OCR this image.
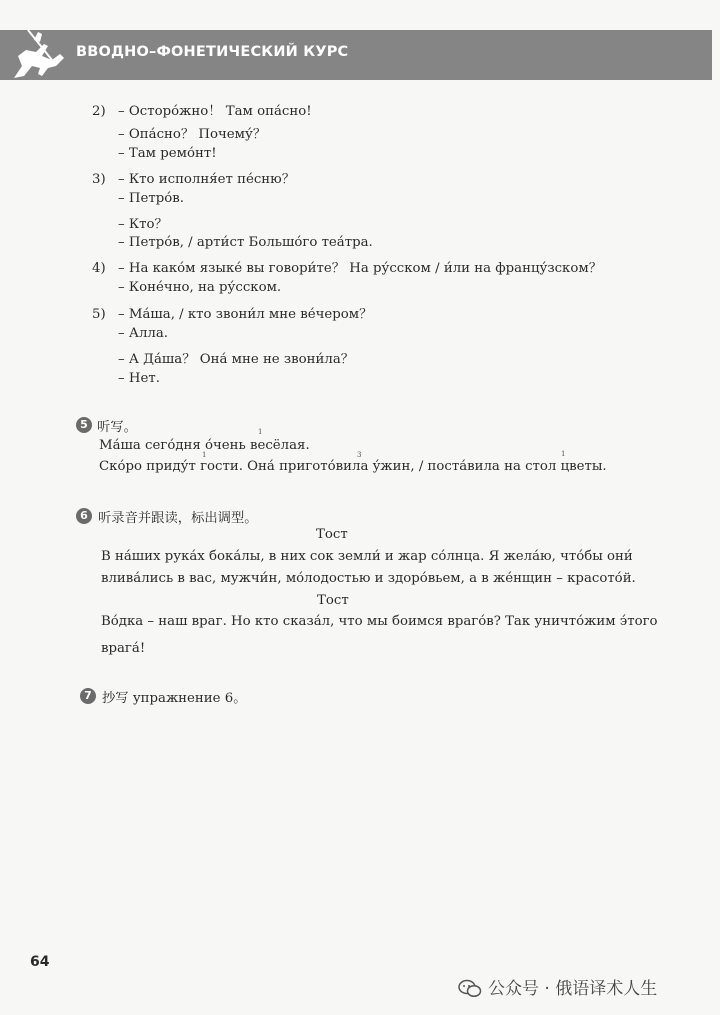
ВВОДНО–ФОНЕТИЧЕСКИЙ КУРС
2) – Осторо́жно！ Там опа́сно!
– Опа́сно？ Почему́？
– Там ремо́нт!
3) – Кто исполня́ет пе́сню？
– Петро́в.
– Кто？
– Петро́в, / арти́ст Большо́го теа́тра.
4) – На како́м языке́ вы говори́те？ На ру́сском / и́ли на францу́зском？
– Коне́чно, на ру́сском.
5) – Ма́ша, / кто звони́л мне ве́чером？
– Алла.
– А Да́ша？ Она́ мне не звони́ла？
– Нет.
5 听写。	1
Ма́ша сего́дня о́чень весёлая.
1	3	1
Ско́ро приду́т гости. Она́ пригото́вила у́жин, / поста́вила на стол цветы.
6 听录音并跟读，标出调型。
Тост
В на́ших рука́х бока́лы, в них сок земли́ и жар со́лнца. Я жела́ю, что́бы они́
влива́лись в вас, мужчи́н, мо́лодостью и здоро́вьем, а в же́нщин – красото́й.
Тост
Во́дка – наш враг. Но кто сказа́л, что мы боимся враго́в? Так уничто́жим э́того
врага́!
7 抄写 упражнение 6。
64
公众号 · 俄语译术人生
